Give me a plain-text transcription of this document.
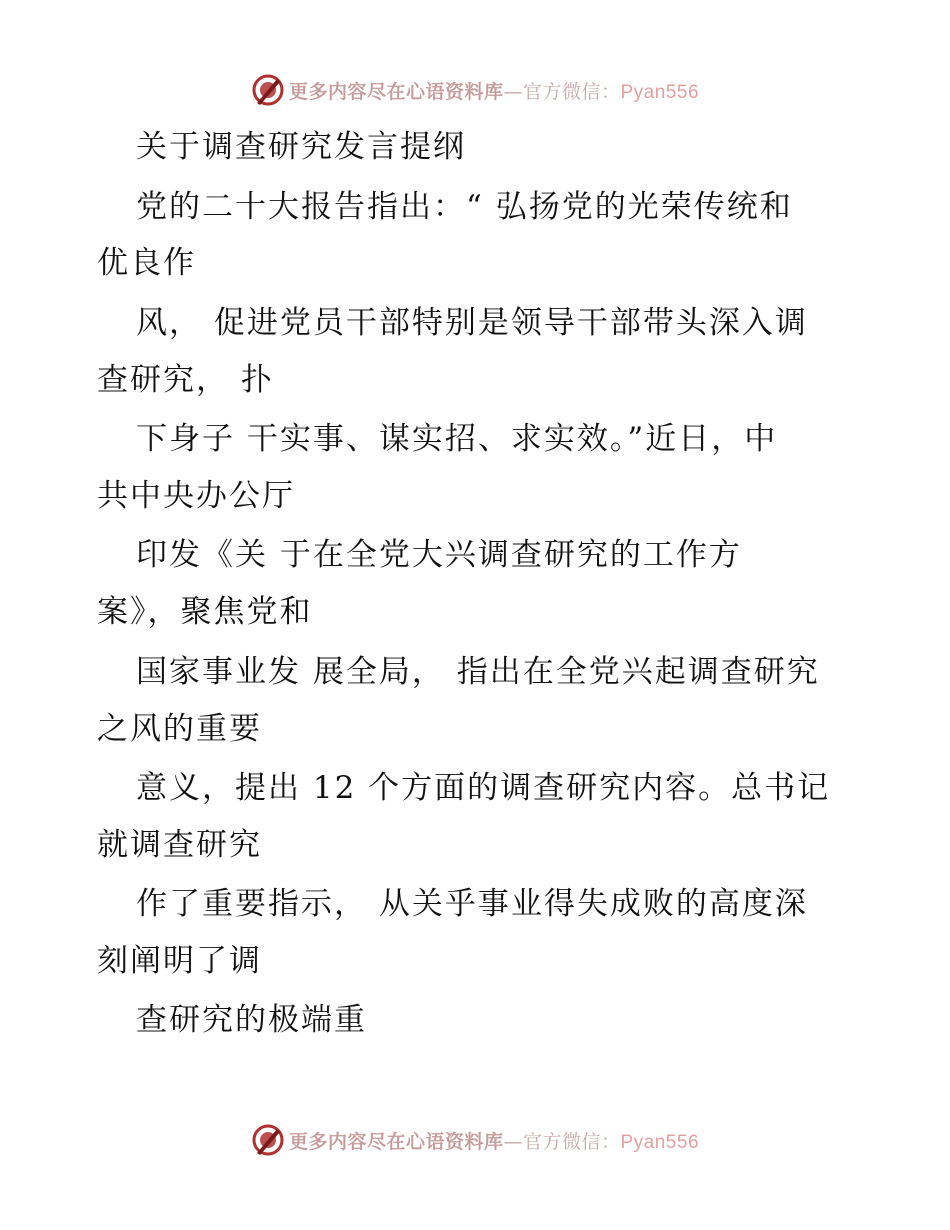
更多内容尽在心语资料库—官方微信：Pyan556
关于调查研究发言提纲
党的二十大报告指出：“ 弘扬党的光荣传统和
优良作
风， 促进党员干部特别是领导干部带头深入调
查研究， 扑
下身子 干实事、谋实招、求实效。”近日，中
共中央办公厅
印发《关 于在全党大兴调查研究的工作方
案》，聚焦党和
国家事业发 展全局， 指出在全党兴起调查研究
之风的重要
意义，提出 12 个方面的调查研究内容。总书记
就调查研究
作了重要指示， 从关乎事业得失成败的高度深
刻阐明了调
查研究的极端重
更多内容尽在心语资料库—官方微信：Pyan556
